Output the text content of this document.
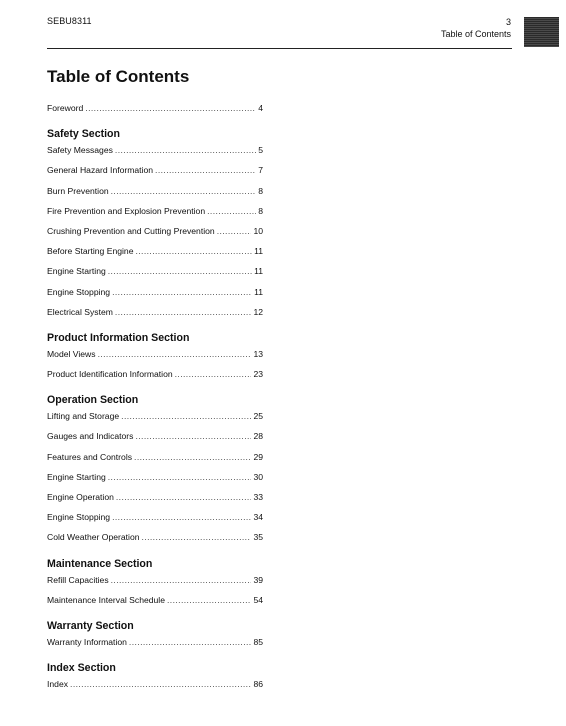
SEBU8311	3
Table of Contents
Table of Contents
Foreword .....	4
Safety Section
Safety Messages .....	5
General Hazard Information .....	7
Burn Prevention .....	8
Fire Prevention and Explosion Prevention .....	8
Crushing Prevention and Cutting Prevention .....	10
Before Starting Engine .....	11
Engine Starting .....	11
Engine Stopping .....	11
Electrical System .....	12
Product Information Section
Model Views .....	13
Product Identification Information .....	23
Operation Section
Lifting and Storage .....	25
Gauges and Indicators .....	28
Features and Controls .....	29
Engine Starting .....	30
Engine Operation .....	33
Engine Stopping .....	34
Cold Weather Operation .....	35
Maintenance Section
Refill Capacities .....	39
Maintenance Interval Schedule .....	54
Warranty Section
Warranty Information .....	85
Index Section
Index .....	86
